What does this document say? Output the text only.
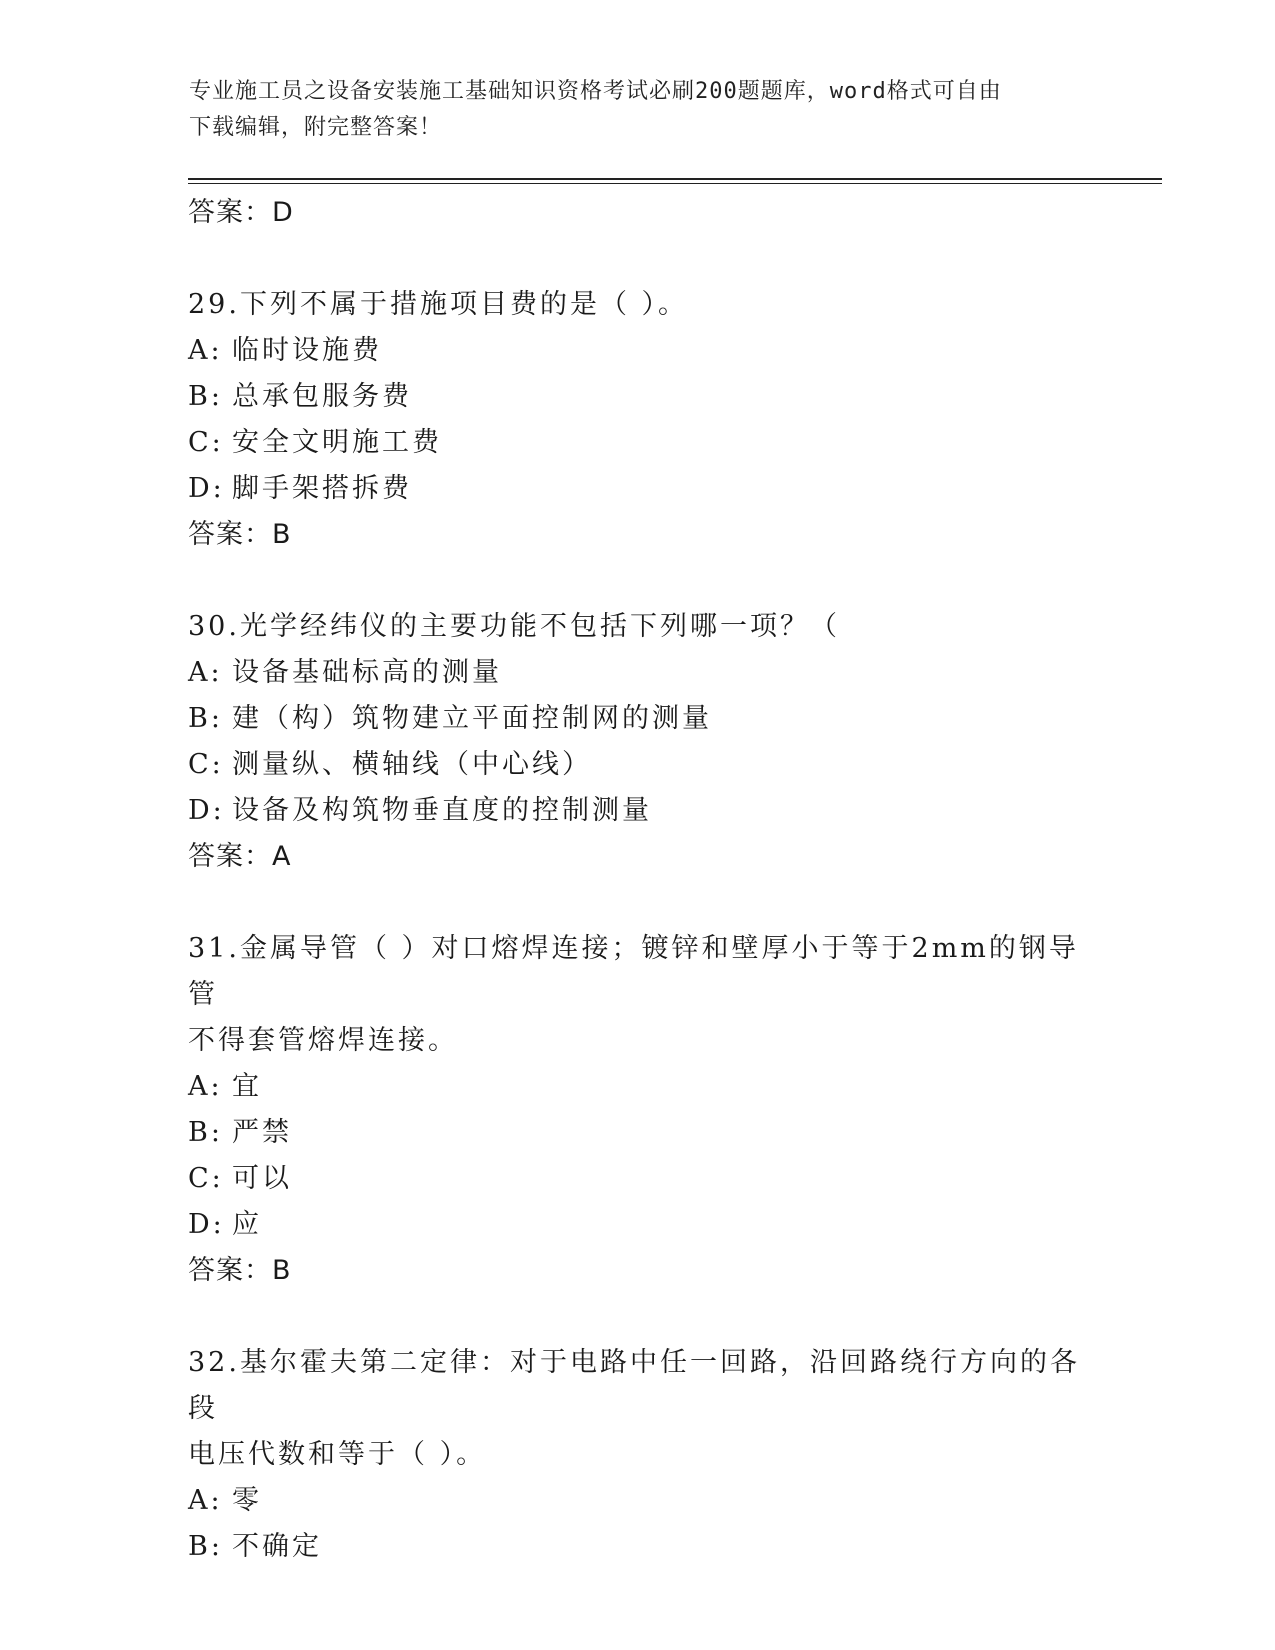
专业施工员之设备安装施工基础知识资格考试必刷200题题库，word格式可自由
下载编辑，附完整答案！
答案：D
29.下列不属于措施项目费的是（ ）。
A: 临时设施费
B: 总承包服务费
C: 安全文明施工费
D: 脚手架搭拆费
答案：B
30.光学经纬仪的主要功能不包括下列哪一项？（
A: 设备基础标高的测量
B: 建（构）筑物建立平面控制网的测量
C: 测量纵、横轴线（中心线）
D: 设备及构筑物垂直度的控制测量
答案：A
31.金属导管（ ）对口熔焊连接；镀锌和壁厚小于等于2mm的钢导管
不得套管熔焊连接。
A: 宜
B: 严禁
C: 可以
D: 应
答案：B
32.基尔霍夫第二定律：对于电路中任一回路，沿回路绕行方向的各段
电压代数和等于（ ）。
A: 零
B: 不确定
